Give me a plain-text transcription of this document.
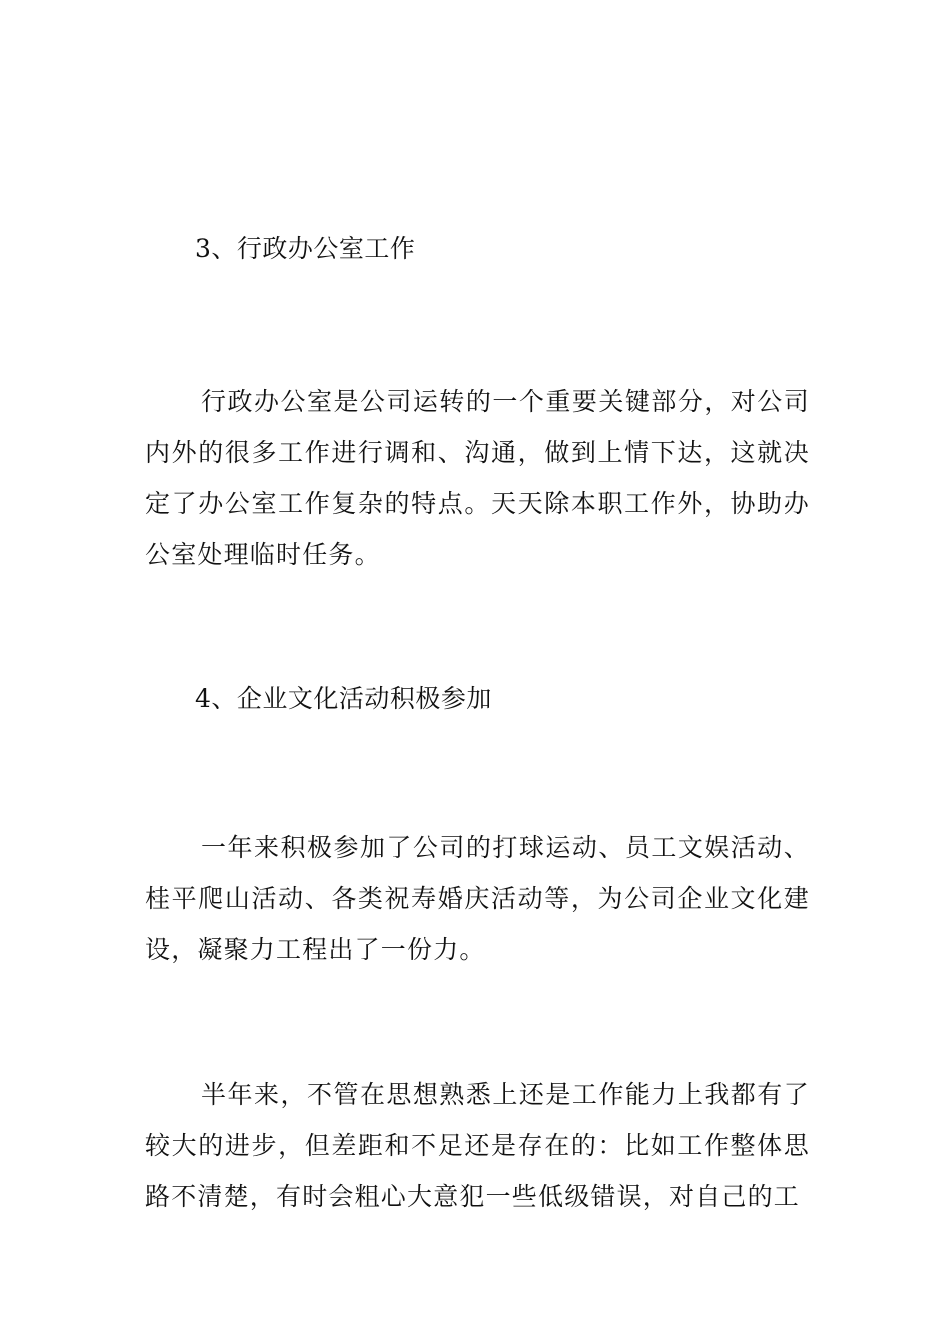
3、行政办公室工作
行政办公室是公司运转的一个重要关键部分，对公司内外的很多工作进行调和、沟通，做到上情下达，这就决定了办公室工作复杂的特点。天天除本职工作外，协助办公室处理临时任务。
4、企业文化活动积极参加
一年来积极参加了公司的打球运动、员工文娱活动、桂平爬山活动、各类祝寿婚庆活动等，为公司企业文化建设，凝聚力工程出了一份力。
半年来，不管在思想熟悉上还是工作能力上我都有了较大的进步，但差距和不足还是存在的：比如工作整体思路不清楚，有时会粗心大意犯一些低级错误，对自己的工
